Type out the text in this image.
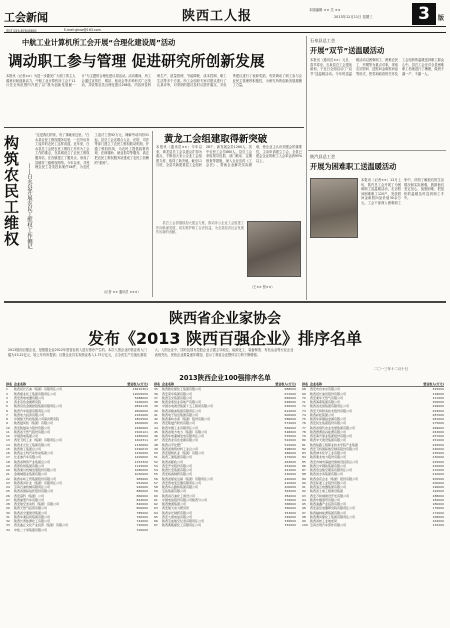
工会新闻	陕西工人报	本版编辑 ×× 关 ××
2013年12月11日 星期三	3	版
电话 029-87645891	E-mail:ghxw@163.com
中航工业计算机所工会开展“合理化建设周”活动
调动职工参与管理 促进研究所创新发展
本报讯（记者××）为进一步激发广大职工的主人翁意识和创新活力，中航工业计算机所工会于11月在全所范围内开展了以“我为创新发展献一计”为主题的合理化建议周活动。活动期间，所工会通过宣传栏、网站、座谈会等多种形式广泛发动，共收集各类合理化建议286条，内容涉及科研生产、质量管理、节能降耗、成本控制、职工生活等多个方面。所工会组织专家对建议进行了认真评审，对采纳的建议及时反馈并落实，对优秀建议进行了表彰奖励，有效调动了职工参与企业民主管理的积极性，为研究所的创新发展凝聚了力量。
构筑农民工维权	——白水县开展农民工维权工作侧记
“这是我们的家，有了事就来这里。”白水县农民工维权服务站里，一位外出务工返乡的农民工这样说道。近年来，白水县总工会把农民工维权工作作为工会工作的重点，在县城设立了农民工维权服务站，在各镇建立了服务点，形成了县镇村三级维权网络。今年以来，共受理农民工各类投诉案件46件，为农民工追讨工资92万元，调解劳动纠纷31起。县总工会还联合人社、法院、司法等部门建立了农民工维权联动机制，开通了维权热线，为农民工提供政策咨询、法律援助、就业指导等服务，真正把农民工维权服务站建成了农民工信赖的“娘家”。
（记者 ×× 通讯员 ×××）
黄龙工会组建取得新突破
本报讯（通讯员××）今年以来，黄龙县总工会以建会扩面为重点，不断加大非公企业工会组建力度，取得了新突破。截至11月底，全县共新建基层工会组织28个，新发展会员1260人，其中农民工会员860人。县总工会采取领导包抓、部门联动、定期督查等措施，深入企业宣传《工会法》，帮助企业解决实际困难，使企业主认识到建会的重要性，主动申请建立工会，全县已建会企业的职工入会率达到95%以上。
　　县总工会将继续加大建会力度，推动非公企业工会组建工作向纵深发展，切实维护职工合法权益，为全县经济社会发展作出新的贡献。
（王×× 张××）
石泉县总工会
开展“双节”送温暖活动
本报讯（通讯员××）元旦、春节将至，石泉县总工会提前谋划，于近日全面启动了“双节”送温暖活动。今年的送温暖活动以困难职工、困难农民工、劳模等为重点对象，采取走访慰问、送慰问金和慰问品等形式，把党和政府的关怀及工会组织的温暖送到职工群众心中。县总工会还对全县困难职工档案进行了梳理，做到不漏一户、不漏一人。
陕汽县总工会
开展为困难职工送温暖活动
本报讯（记者××）12月上旬，陕汽总工会开展了为困难职工送温暖活动，走访慰问困难职工120户，发放慰问金和慰问品价值30余万元。工会干部深入困难职工家中，详细了解他们的生活情况和实际困难，鼓励他们坚定信心，战胜困难，把组织的温暖及时送到职工手中。
陕西省企业家协会
发布《2013 陕西百强企业》排序名单
2013陕西百强企业，是根据企业2012年度营业收入进行排序产生的。本次入围企业的营业收入门槛为13.22亿元，较上年有所提高；百强企业共实现营业收入1.75万亿元，占全省生产总值比重较大。入围企业中，国有及国有控股企业占据主导地位，能源化工、装备制造、有色冶金等行业企业表现突出，民营企业数量逐年增加，显示了我省企业整体实力的不断增强。
二〇一三年十二月十日
2013陕西企业100强排序名单
排名 企业名称	营业收入(万元)
1	陕西延长石油（集团）有限责任公司	18210301
2	陕西煤业化工集团有限责任公司	12005050
3	西安西电电器有限公司	5488000
4	西北有色金属研究院	3160000
5	陕西有色金属控股集团有限责任公司	2892145
6	陕西汽车集团有限责任公司	2600000
7	陕西电力投资有限公司	2181000
8	中国航天科技集团公司第四研究院	1802500
9	陕西鼓风机（集团）有限公司	1600000
10	西安陕鼓动力股份有限公司	1560000
11	陕西省天然气股份有限公司	1500121
12	中国西电集团公司	1485000
13	西安飞机工业（集团）有限责任公司	1402311
14	陕西北元化工集团有限公司	1330000
15	陕西建工集团总公司	1290015
16	陕西法士特汽车传动集团公司	1250000
17	比亚迪汽车有限公司	1200000
18	陕西省物资产业集团总公司	1153320
19	西部机场集团有限公司	1125000
20	陕西秦川机械发展股份有限公司	1080000
21	金堆城钼业集团有限公司	1030000
22	陕西东岭工贸集团股份有限公司	985600
23	陕西黄河矿业（集团）有限责任公司	952000
24	宝鸡石油机械有限责任公司	920000
25	陕西省国际信托股份有限公司	880000
26	西安高科（集团）公司	860000
27	陕西重型汽车有限公司	843000
28	西安航空发动机（集团）有限公司	820000
29	陕西天然气投资有限公司	800000
30	陕西省交通建设集团公司	785000
31	陕西华秦投资集团有限公司	760000
32	陕西长青能源化工有限公司	742000
33	西安曲江文化产业投资（集团）有限公司	720000
34	中铁二十局集团有限公司	700000
排名 企业名称	营业收入(万元)
35	陕西陕化煤化工集团有限公司	688000
36	西安荣华集团有限公司	672000
37	陕西宝光集团有限公司	660000
38	陕西金泰恒业房地产有限公司	648000
39	中国水电建设集团十五工程局有限公司	630000
40	陕西省粮油集团有限责任公司	612000
41	陕西电子信息集团有限公司	600000
42	陕西秦岭水泥（集团）股份有限公司	586000
43	西安陕鼓汽轮机有限公司	572000
44	陕西中烟工业有限责任公司	560000
45	陕西省地方电力（集团）有限公司	548000
46	陕西华电蒲城发电有限责任公司	535000
47	西安西北有色金属有限公司	522000
48	陕西兴平化肥厂	510000
49	陕西省建筑材料工业总公司	498000
50	西安银桥乳业（集团）有限公司	486000
51	陕西三秦集团有限公司	475000
52	陕西省邮政公司	463000
53	西安开米股份有限公司	452000
54	陕西长安集团有限公司	441000
55	西安杨森制药有限公司	430000
56	陕西省煤炭运销（集团）有限责任公司	420000
57	西安西电变压器有限责任公司	410000
58	陕西华山路桥集团有限公司	400000
59	宝钛集团有限公司	392000
60	陕西省石油化工建设公司	384000
61	中国电信股份有限公司陕西分公司	376000
62	陕西旅游集团公司	368000
63	西安航天动力研究所	360000
64	陕西步长制药有限公司	353000
65	西安大唐电信有限公司	346000
66	陕西宝成航空仪表有限责任公司	339000
67	陕西黄陵煤化工有限责任公司	332000
排名 企业名称	营业收入(万元)
68	西安市自来水有限公司	325000
69	陕西延长油田股份有限公司	318000
70	西安秦华天然气有限公司	311000
71	陕西海燕集团有限公司	305000
72	陕西省农垦集团有限责任公司	299000
73	西安天和防务技术股份有限公司	293000
74	陕西彩虹集团公司	287000
75	陕西华泽镍钴金属有限公司	281000
76	西安民生集团股份有限公司	275000
77	陕西省现代农业发展集团有限公司	269000
78	陕西德源府谷能源有限公司	263000
79	西安海升果业集团股份有限公司	257000
80	陕西中天建设集团有限公司	251000
81	陕西铁路工程职业技术学院产业集团	245000
82	西安飞机国际航空制造股份有限公司	240000
83	陕西神木化学工业有限公司	235000
84	陕西秦龙电力股份有限公司	230000
85	西安市城市基础设施建设投资总公司	225000
86	陕西汉中钢铁集团有限公司	220000
87	陕西宏远航空锻造有限责任公司	215000
88	陕西省水务集团有限公司	210000
89	陕西金花企业（集团）股份有限公司	205000
90	西安标准工业股份有限公司	200000
91	陕西凌云电器集团有限公司	196000
92	陕西省土地工程建设集团	192000
93	西安万和城建设开发有限公司	188000
94	陕西中烟商贸有限公司	184000
95	陕西美鑫产业投资有限公司	180000
96	西安高压电器研究院有限责任公司	176000
97	陕西榆林能源集团有限公司	172000
98	陕西渭河煤化工集团有限责任公司	168000
99	陕西省核工业地质局	164000
100 宝鸡吉利汽车部件有限公司	132200
